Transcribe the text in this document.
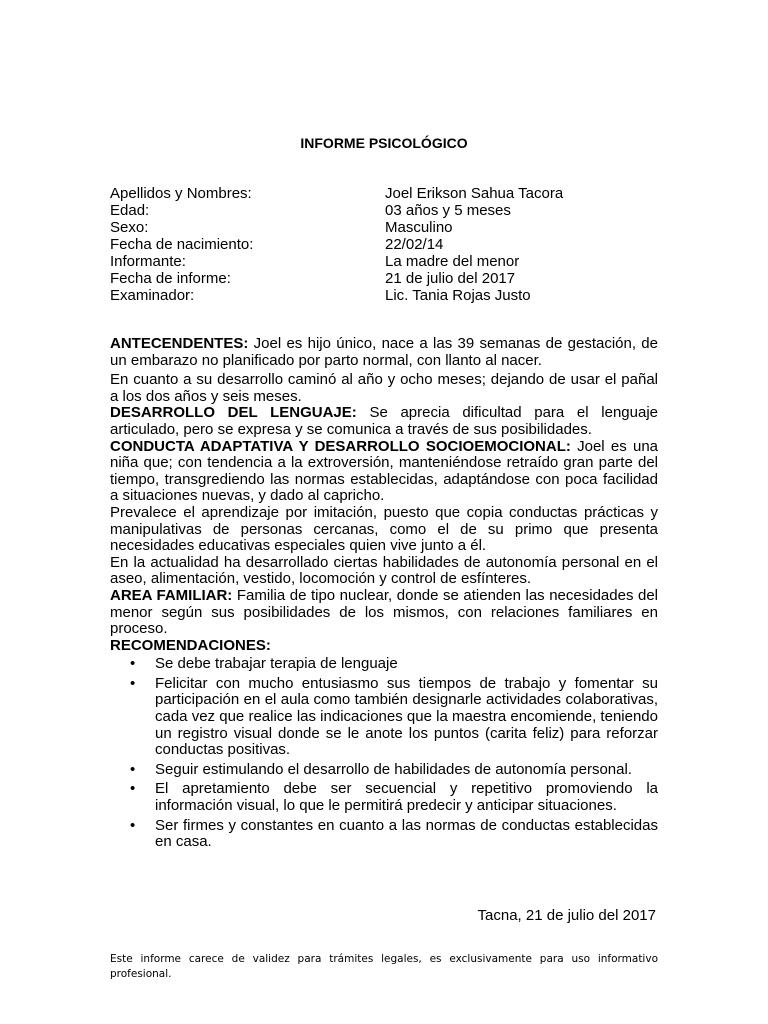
INFORME PSICOLÓGICO
Apellidos y Nombres:	Joel Erikson Sahua Tacora
Edad:	03 años y 5 meses
Sexo:	Masculino
Fecha de nacimiento:	22/02/14
Informante:	La madre del menor
Fecha de informe:	21 de julio del 2017
Examinador:	Lic. Tania Rojas Justo

ANTECENDENTES: Joel es hijo único, nace a las 39 semanas de gestación, de un embarazo no planificado por parto normal, con llanto al nacer.

En cuanto a su desarrollo caminó al año y ocho meses; dejando de usar el pañal a los dos años y seis meses.

DESARROLLO DEL LENGUAJE: Se aprecia dificultad para el lenguaje articulado, pero se expresa y se comunica a través de sus posibilidades.

CONDUCTA ADAPTATIVA Y DESARROLLO SOCIOEMOCIONAL: Joel es una niña que; con tendencia a la extroversión, manteniéndose retraído gran parte del tiempo, transgrediendo las normas establecidas, adaptándose con poca facilidad a situaciones nuevas, y dado al capricho.

Prevalece el aprendizaje por imitación, puesto que copia conductas prácticas y manipulativas de personas cercanas, como el de su primo que presenta necesidades educativas especiales quien vive junto a él.

En la actualidad ha desarrollado ciertas habilidades de autonomía personal en el aseo, alimentación, vestido, locomoción y control de esfínteres.

AREA FAMILIAR: Familia de tipo nuclear, donde se atienden las necesidades del menor según sus posibilidades de los mismos, con relaciones familiares en proceso.

RECOMENDACIONES:

•	Se debe trabajar terapia de lenguaje
•	Felicitar con mucho entusiasmo sus tiempos de trabajo y fomentar su participación en el aula como también designarle actividades colaborativas, cada vez que realice las indicaciones que la maestra encomiende, teniendo un registro visual donde se le anote los puntos (carita feliz) para reforzar conductas positivas.
•	Seguir estimulando el desarrollo de habilidades de autonomía personal.
•	El apretamiento debe ser secuencial y repetitivo promoviendo la información visual, lo que le permitirá predecir y anticipar situaciones.
•	Ser firmes y constantes en cuanto a las normas de conductas establecidas en casa.
Tacna, 21 de julio del 2017
Este informe carece de validez para trámites legales, es exclusivamente para uso informativo profesional.
